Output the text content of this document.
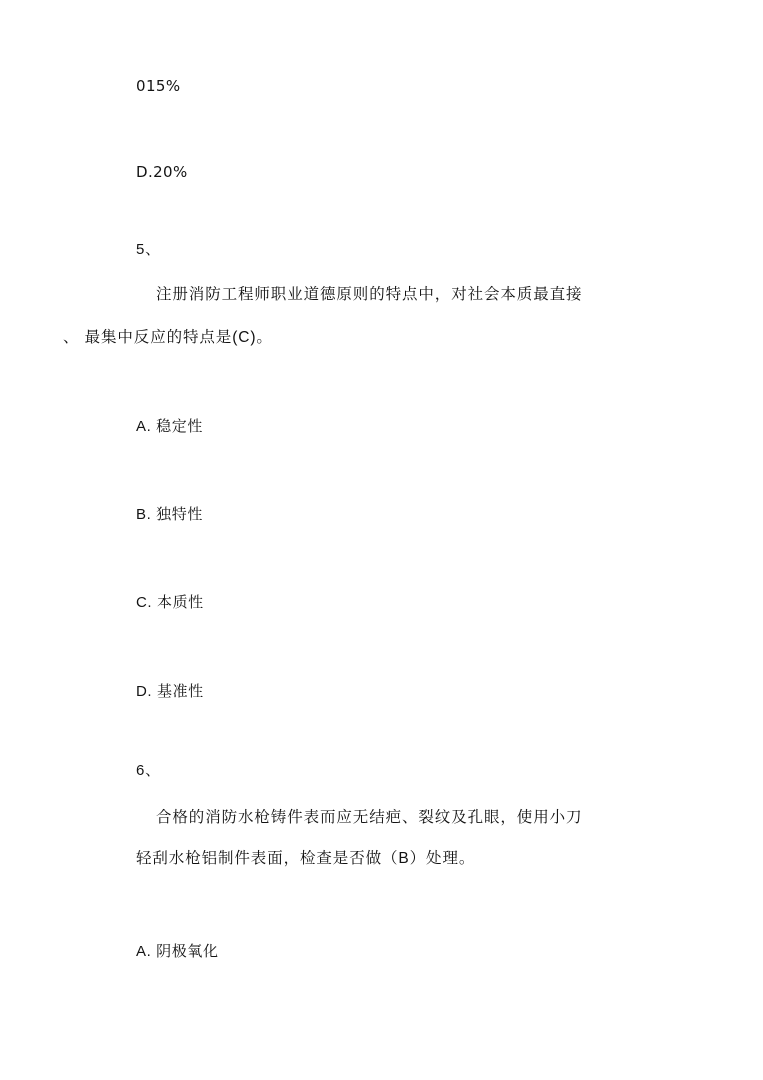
015%
D.20%
5、
注册消防工程师职业道德原则的特点中，对社会本质最直接
、 最集中反应的特点是(C)。
A. 稳定性
B. 独特性
C. 本质性
D. 基准性
6、
合格的消防水枪铸件表而应无结疤、裂纹及孔眼，使用小刀
轻刮水枪铝制件表面，检查是否做（B）处理。
A. 阴极氧化
